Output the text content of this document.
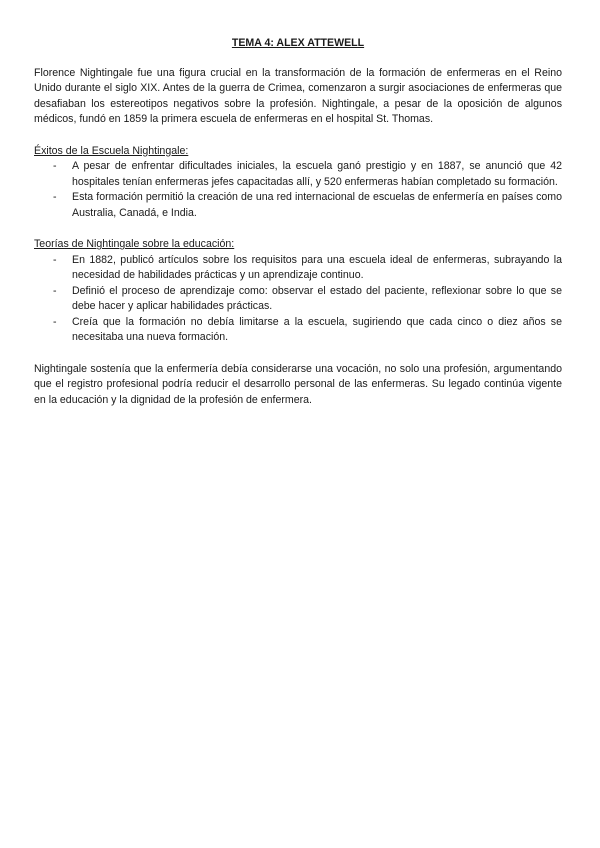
TEMA 4: ALEX ATTEWELL

Florence Nightingale fue una figura crucial en la transformación de la formación de enfermeras en el Reino Unido durante el siglo XIX. Antes de la guerra de Crimea, comenzaron a surgir asociaciones de enfermeras que desafiaban los estereotipos negativos sobre la profesión. Nightingale, a pesar de la oposición de algunos médicos, fundó en 1859 la primera escuela de enfermeras en el hospital St. Thomas.

Éxitos de la Escuela Nightingale:

- A pesar de enfrentar dificultades iniciales, la escuela ganó prestigio y en 1887, se anunció que 42 hospitales tenían enfermeras jefes capacitadas allí, y 520 enfermeras habían completado su formación.
- Esta formación permitió la creación de una red internacional de escuelas de enfermería en países como Australia, Canadá, e India.

Teorías de Nightingale sobre la educación:

- En 1882, publicó artículos sobre los requisitos para una escuela ideal de enfermeras, subrayando la necesidad de habilidades prácticas y un aprendizaje continuo.
- Definió el proceso de aprendizaje como: observar el estado del paciente, reflexionar sobre lo que se debe hacer y aplicar habilidades prácticas.
- Creía que la formación no debía limitarse a la escuela, sugiriendo que cada cinco o diez años se necesitaba una nueva formación.

Nightingale sostenía que la enfermería debía considerarse una vocación, no solo una profesión, argumentando que el registro profesional podría reducir el desarrollo personal de las enfermeras. Su legado continúa vigente en la educación y la dignidad de la profesión de enfermera.
